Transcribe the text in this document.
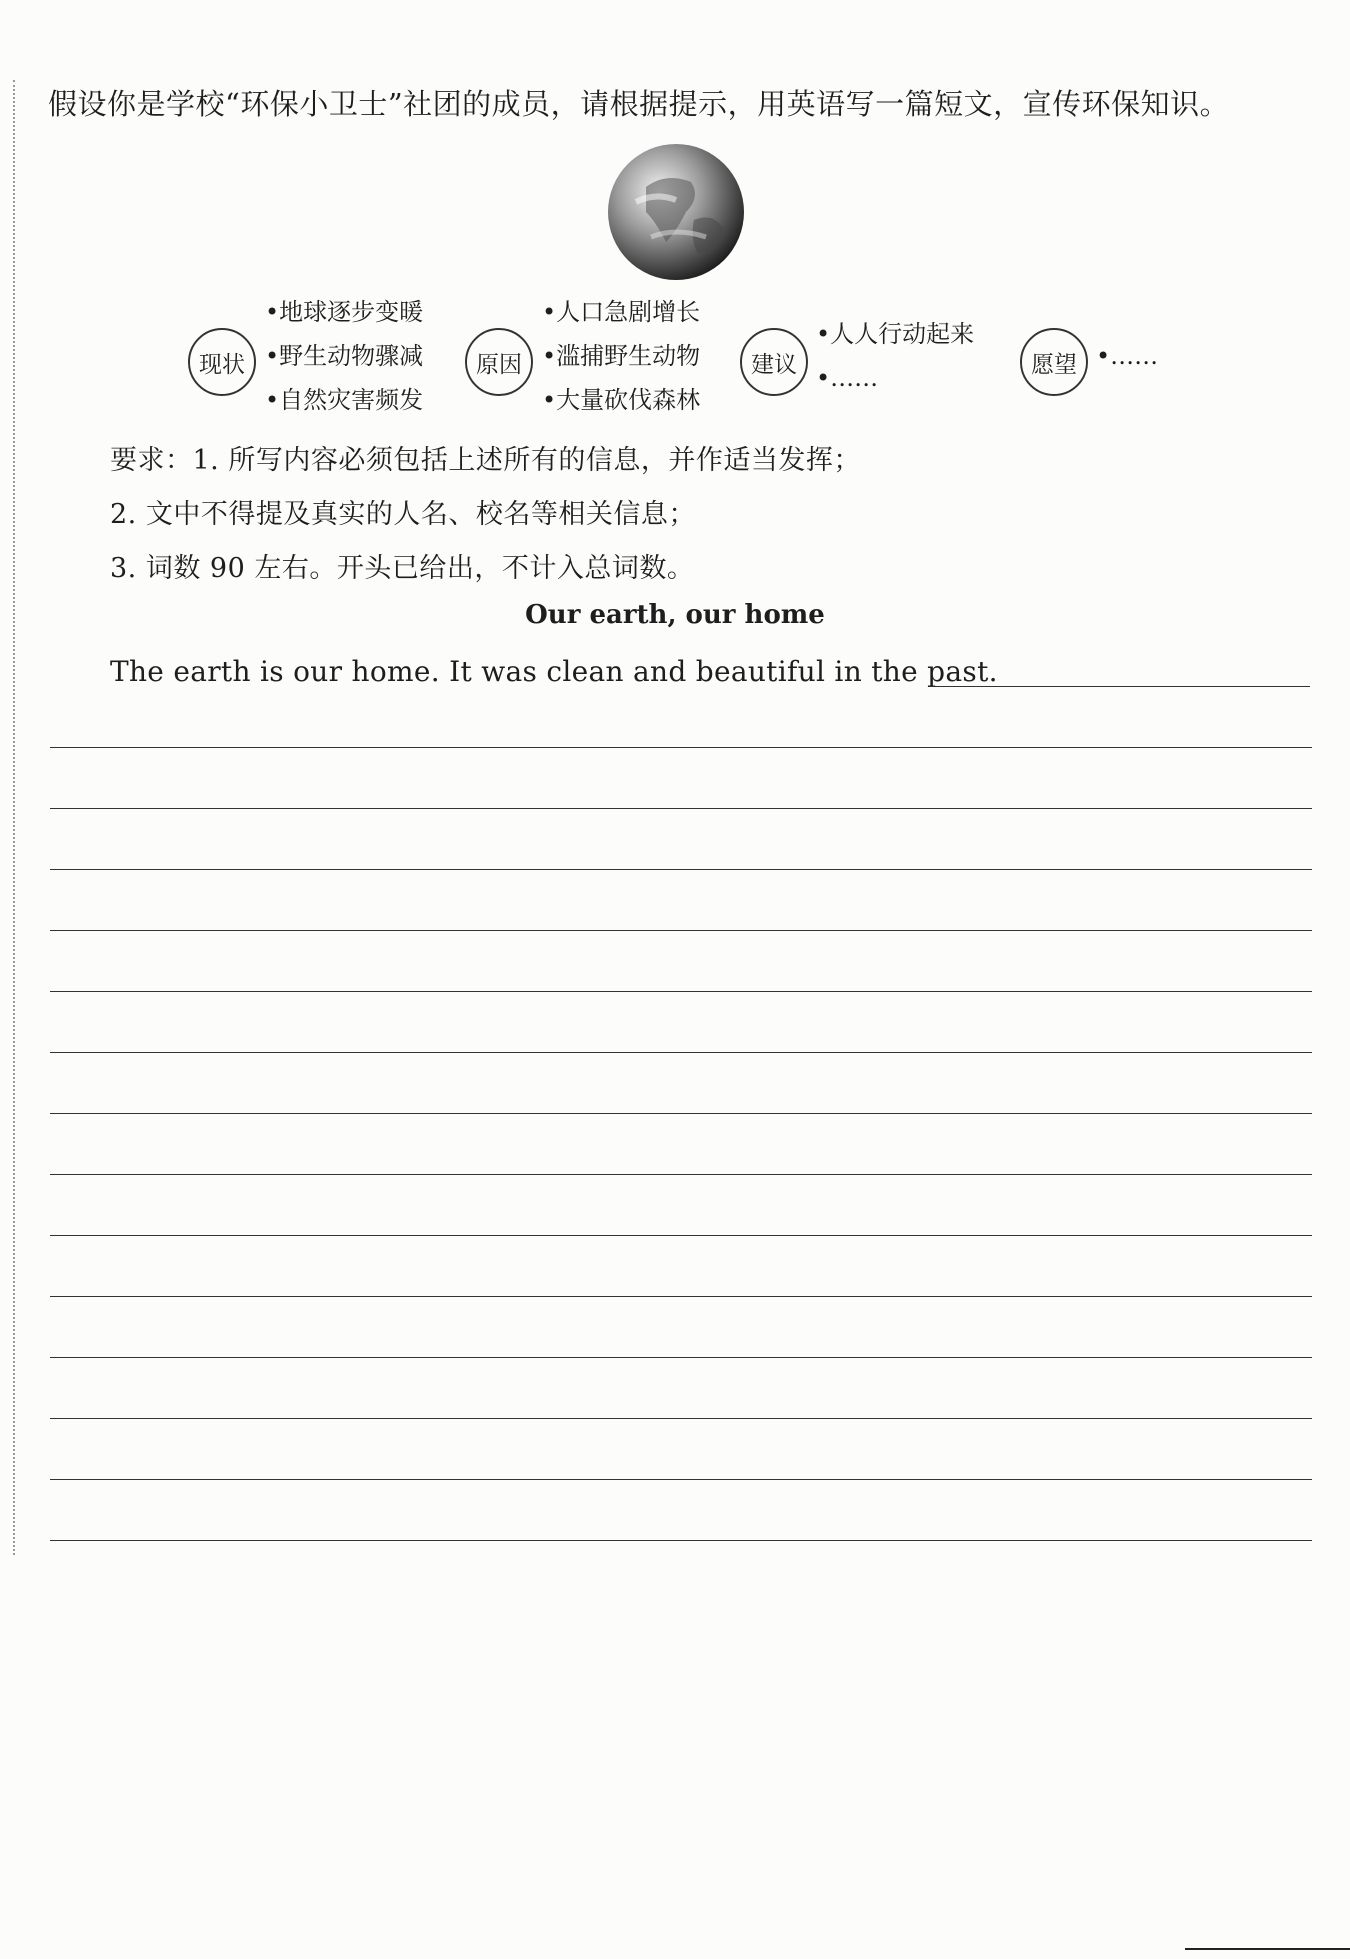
假设你是学校“环保小卫士”社团的成员，请根据提示，用英语写一篇短文，宣传环保知识。
现状
•地球逐步变暖
•野生动物骤减
•自然灾害频发
原因
•人口急剧增长
•滥捕野生动物
•大量砍伐森林
建议
•人人行动起来
•……	愿望 •……
要求：1. 所写内容必须包括上述所有的信息，并作适当发挥；
2. 文中不得提及真实的人名、校名等相关信息；
3. 词数 90 左右。开头已给出，不计入总词数。
Our earth, our home
The earth is our home. It was clean and beautiful in the past.
